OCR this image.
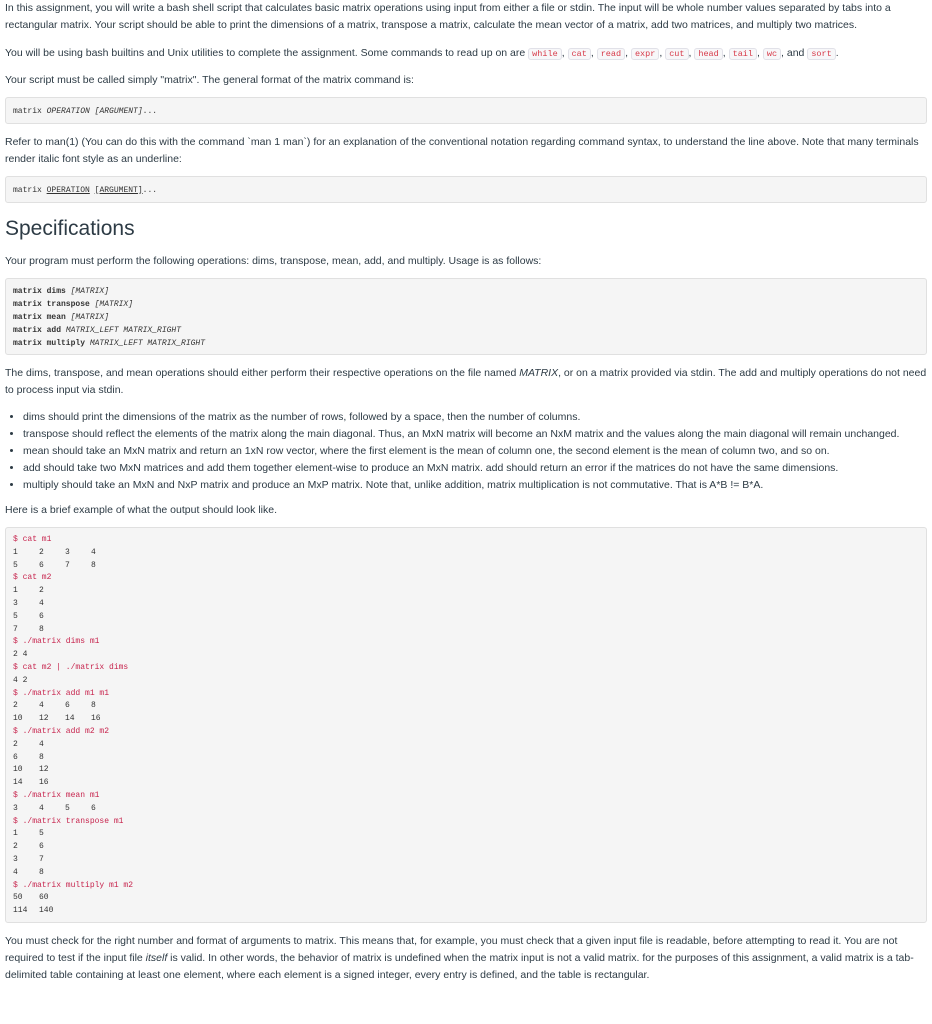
In this assignment, you will write a bash shell script that calculates basic matrix operations using input from either a file or stdin. The input will be whole number values separated by tabs into a rectangular matrix. Your script should be able to print the dimensions of a matrix, transpose a matrix, calculate the mean vector of a matrix, add two matrices, and multiply two matrices.

You will be using bash builtins and Unix utilities to complete the assignment. Some commands to read up on are while , cat , read , expr , cut , head , tail , wc , and sort .

Your script must be called simply "matrix". The general format of the matrix command is:

matrix OPERATION [ARGUMENT]...

Refer to man(1) (You can do this with the command `man 1 man`) for an explanation of the conventional notation regarding command syntax, to understand the line above. Note that many terminals render italic font style as an underline:

matrix OPERATION [ARGUMENT]...
Specifications

Your program must perform the following operations: dims, transpose, mean, add, and multiply. Usage is as follows:

matrix dims [MATRIX]
matrix transpose [MATRIX]
matrix mean [MATRIX]
matrix add MATRIX_LEFT MATRIX_RIGHT
matrix multiply MATRIX_LEFT MATRIX_RIGHT

The dims, transpose, and mean operations should either perform their respective operations on the file named MATRIX, or on a matrix provided via stdin. The add and multiply operations do not need to process input via stdin.

• dims should print the dimensions of the matrix as the number of rows, followed by a space, then the number of columns.
• transpose should reflect the elements of the matrix along the main diagonal. Thus, an MxN matrix will become an NxM matrix and the values along the main diagonal will remain unchanged.
• mean should take an MxN matrix and return an 1xN row vector, where the first element is the mean of column one, the second element is the mean of column two, and so on.
• add should take two MxN matrices and add them together element-wise to produce an MxN matrix. add should return an error if the matrices do not have the same dimensions.
• multiply should take an MxN and NxP matrix and produce an MxP matrix. Note that, unlike addition, matrix multiplication is not commutative. That is A*B != B*A.

Here is a brief example of what the output should look like.

$ cat m1
1	2	3	4
5	6	7	8
$ cat m2
1	2
3	4
5	6
7	8
$ ./matrix dims m1
2 4
$ cat m2 | ./matrix dims
4 2
$ ./matrix add m1 m1
2	4	6	8
10	12	14	16
$ ./matrix add m2 m2
2	4
6	8
10	12
14	16
$ ./matrix mean m1
3	4	5	6
$ ./matrix transpose m1
1	5
2	6
3	7
4	8
$ ./matrix multiply m1 m2
50	60
114	140

You must check for the right number and format of arguments to matrix. This means that, for example, you must check that a given input file is readable, before attempting to read it. You are not required to test if the input file itself is valid. In other words, the behavior of matrix is undefined when the matrix input is not a valid matrix. for the purposes of this assignment, a valid matrix is a tab-delimited table containing at least one element, where each element is a signed integer, every entry is defined, and the table is rectangular.
